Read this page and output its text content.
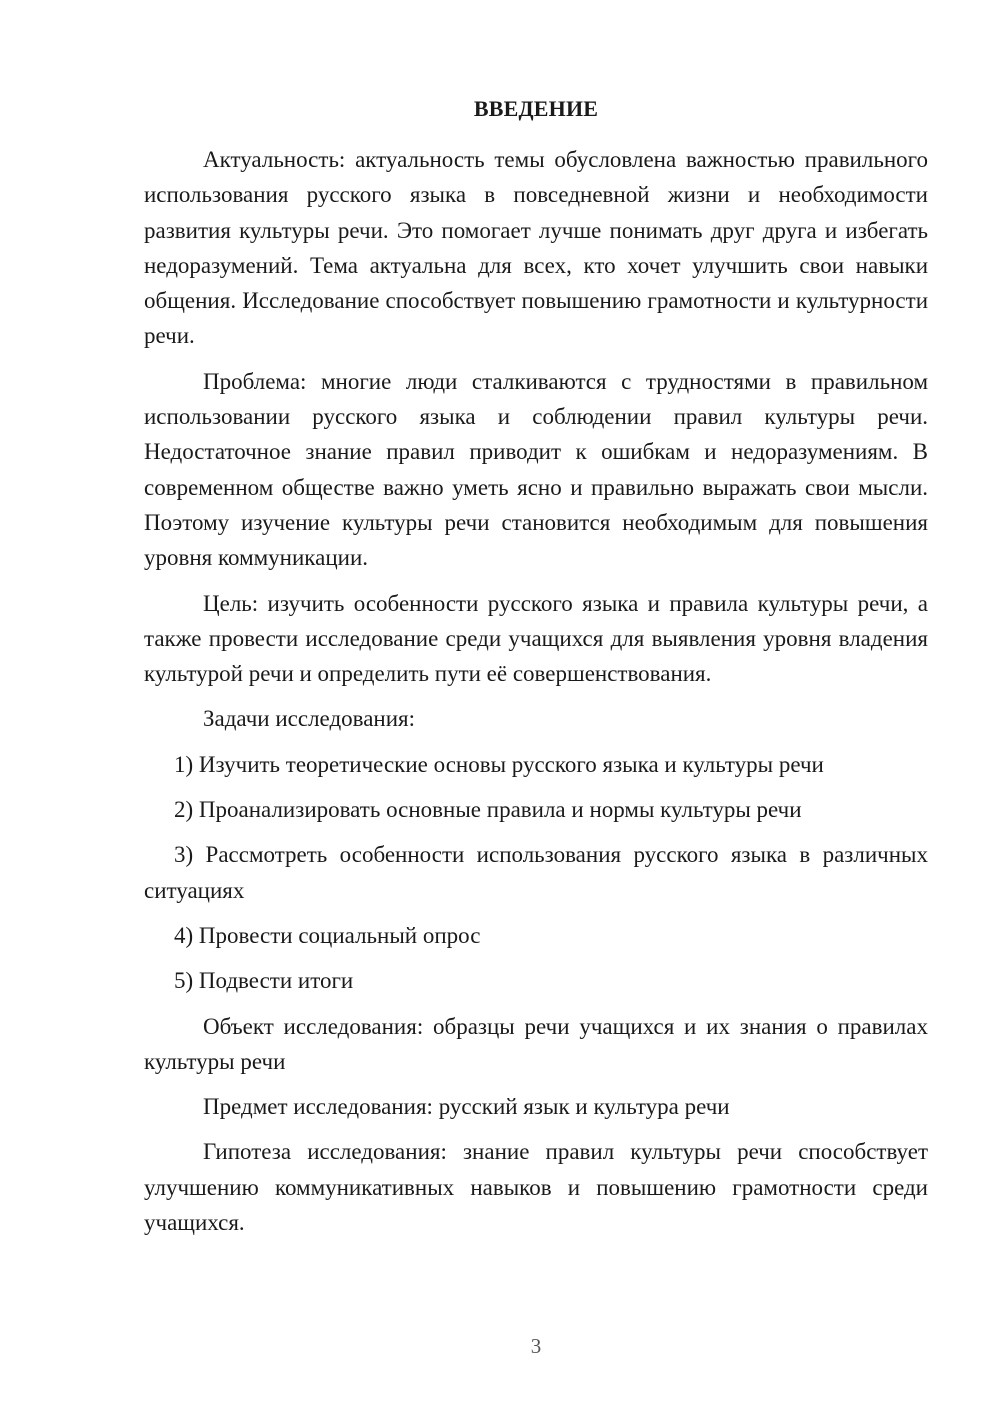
ВВЕДЕНИЕ

Актуальность: актуальность темы обусловлена важностью правильного использования русского языка в повседневной жизни и необходимости развития культуры речи. Это помогает лучше понимать друг друга и избегать недоразумений. Тема актуальна для всех, кто хочет улучшить свои навыки общения. Исследование способствует повышению грамотности и культурности речи.

Проблема: многие люди сталкиваются с трудностями в правильном использовании русского языка и соблюдении правил культуры речи. Недостаточное знание правил приводит к ошибкам и недоразумениям. В современном обществе важно уметь ясно и правильно выражать свои мысли. Поэтому изучение культуры речи становится необходимым для повышения уровня коммуникации.

Цель: изучить особенности русского языка и правила культуры речи, а также провести исследование среди учащихся для выявления уровня владения культурой речи и определить пути её совершенствования.

Задачи исследования:

1) Изучить теоретические основы русского языка и культуры речи

2) Проанализировать основные правила и нормы культуры речи

3) Рассмотреть особенности использования русского языка в различных ситуациях

4) Провести социальный опрос

5) Подвести итоги

Объект исследования: образцы речи учащихся и их знания о правилах культуры речи

Предмет исследования: русский язык и культура речи

Гипотеза исследования: знание правил культуры речи способствует улучшению коммуникативных навыков и повышению грамотности среди учащихся.

3
